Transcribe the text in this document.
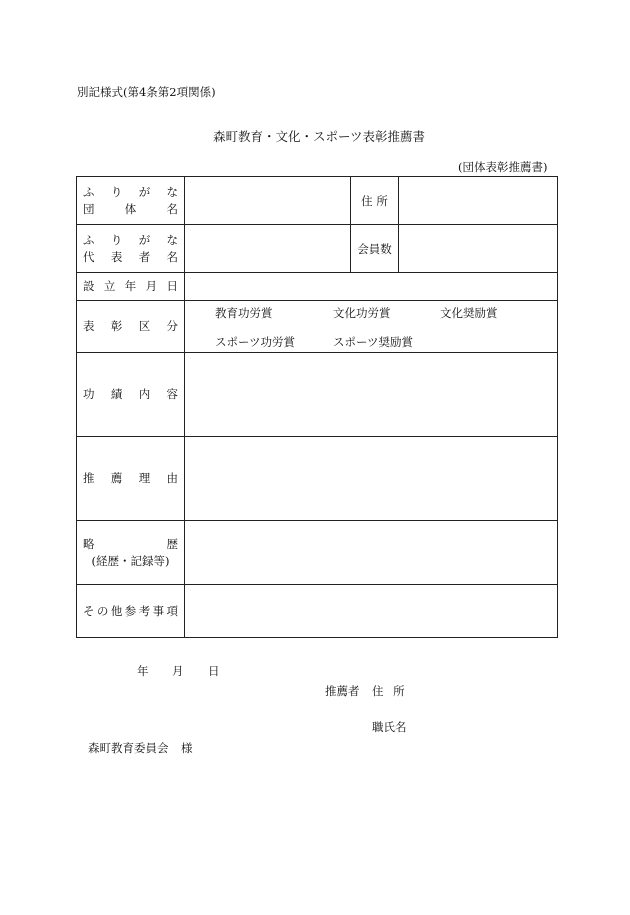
別記様式(第4条第2項関係)
森町教育・文化・スポーツ表彰推薦書
(団体表彰推薦書)
ふりがな
団体名		住 所	

ふりがな
代表者名		会員数	

設立年月日			

表彰区分	教育功労賞 文化功労賞 文化奨励賞
スポーツ功労賞 スポーツ奨励賞		

功績内容			

推薦理由			

略歴
(経歴・記録等)			

その他参考事項			

年 月 日
推薦者 住 所
職氏名
森町教育委員会 様
